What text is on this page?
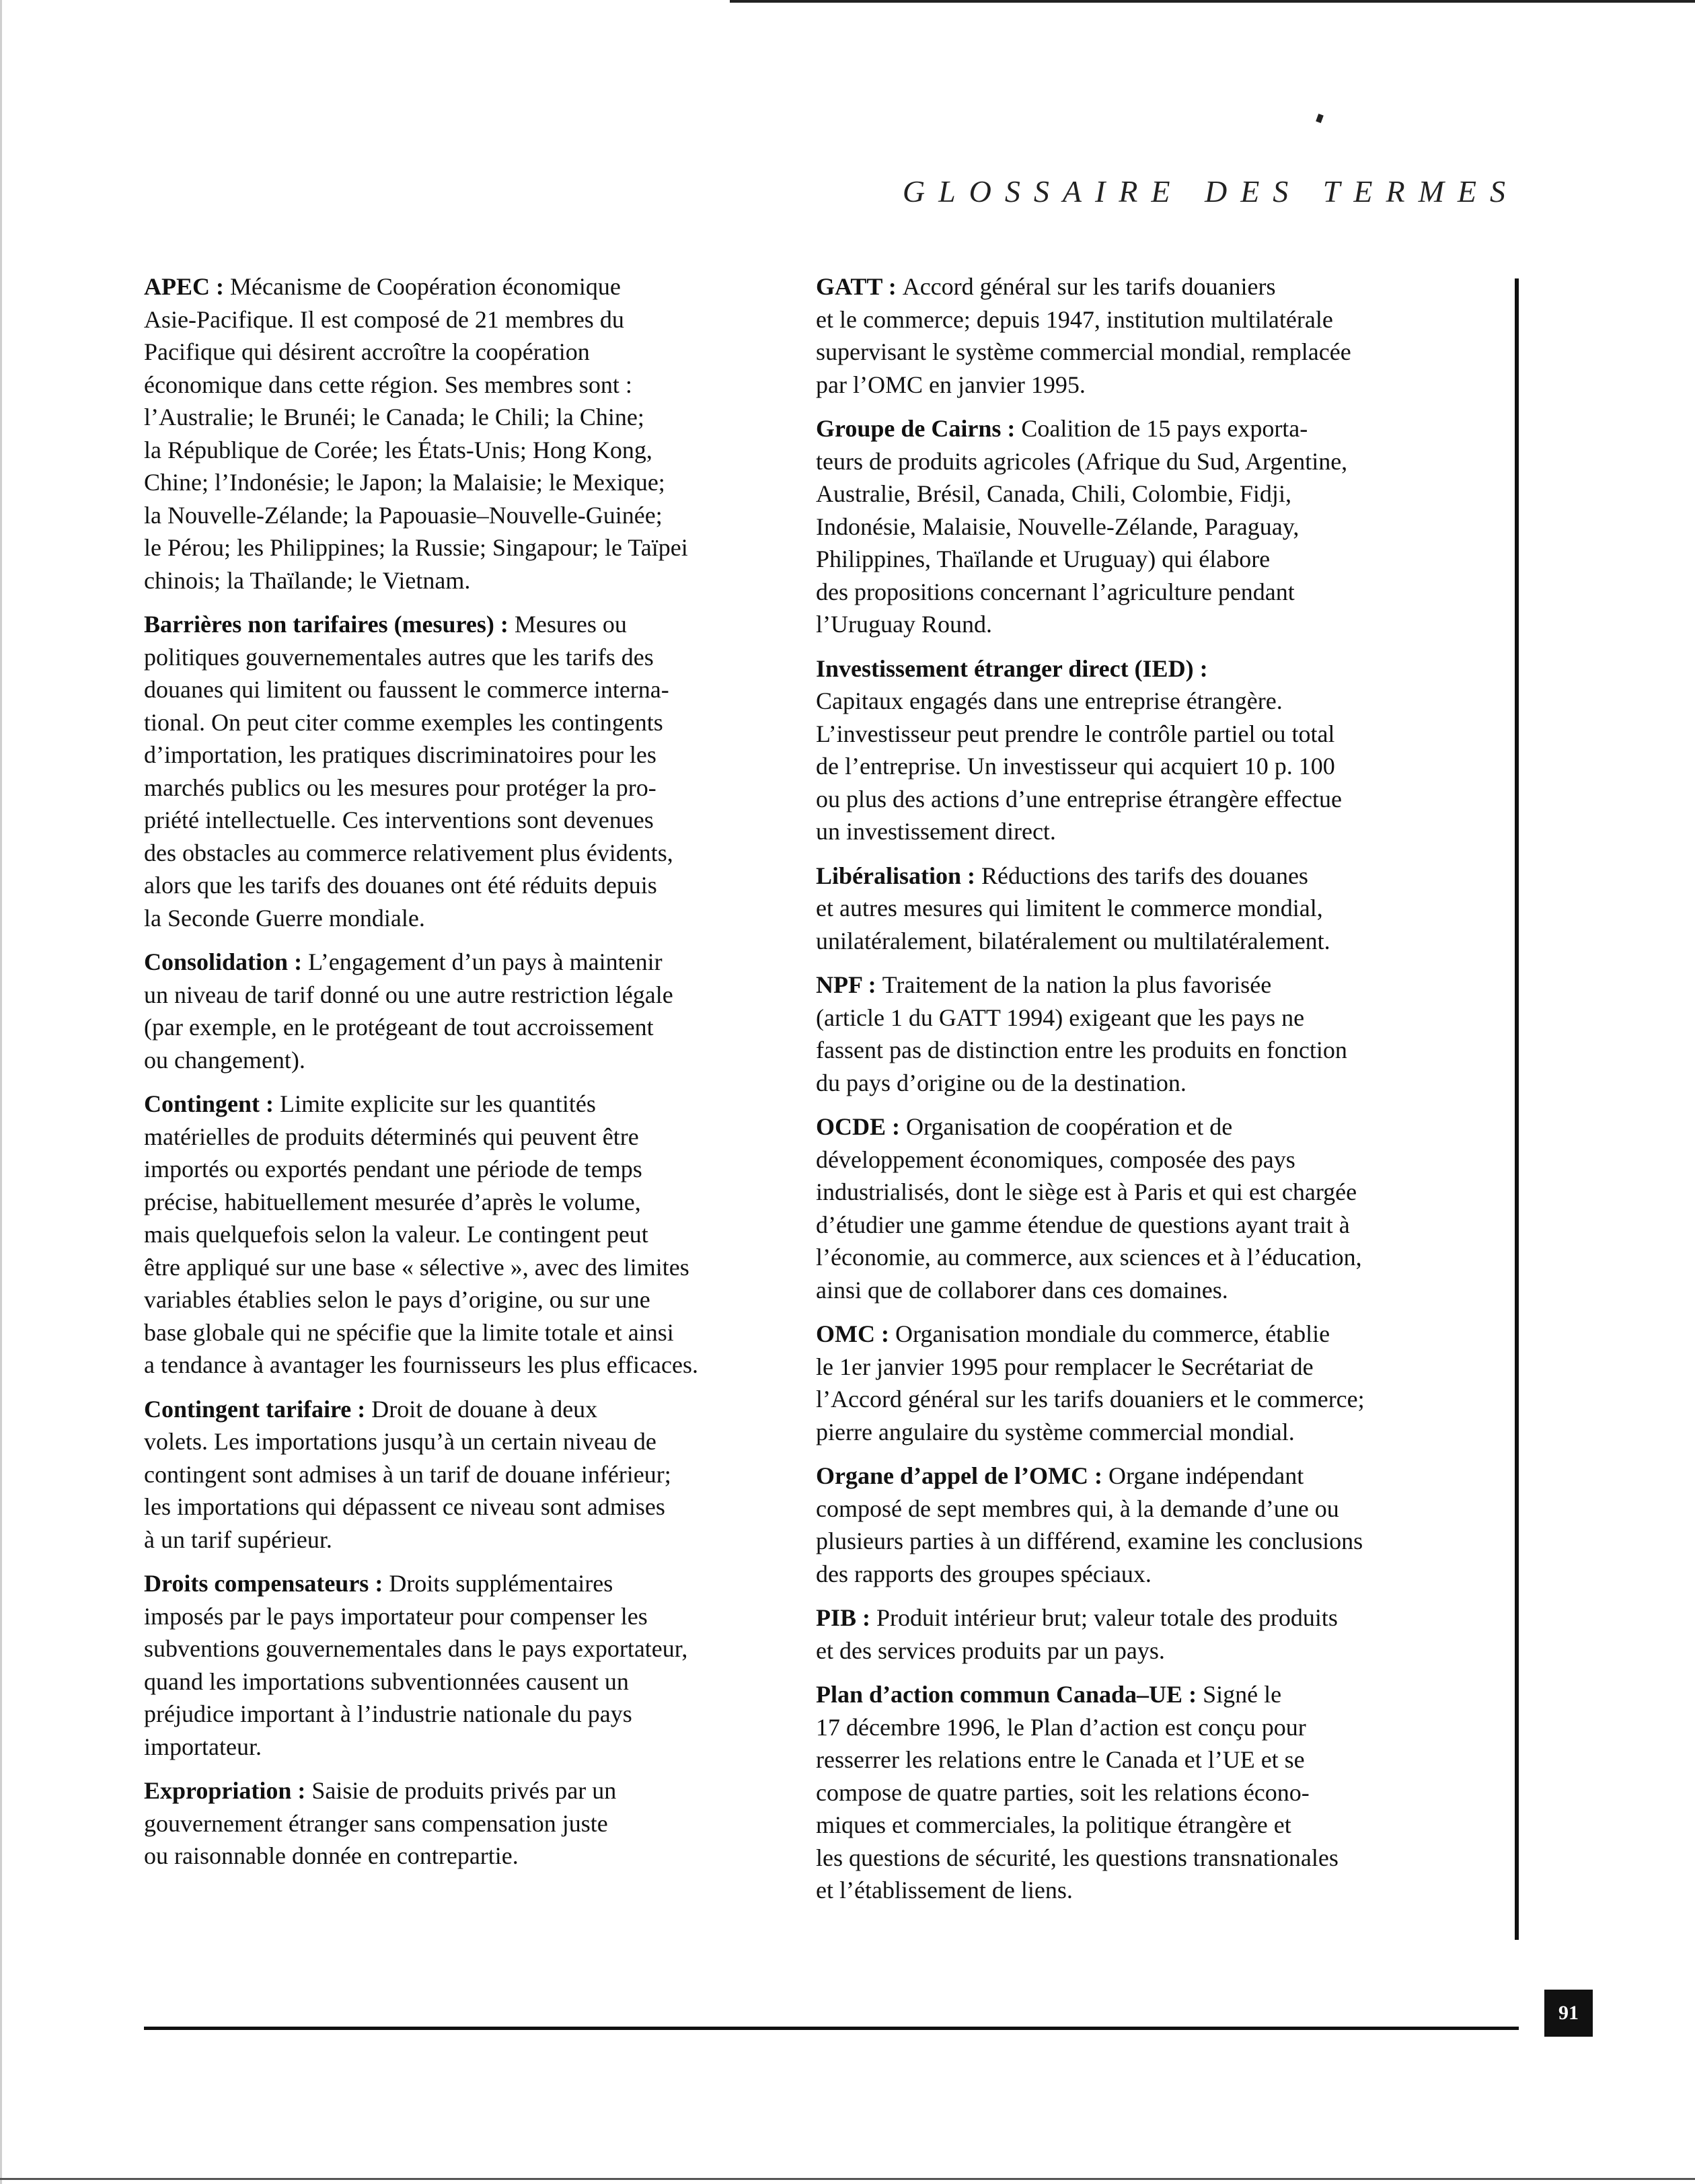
GLOSSAIRE DES TERMES

APEC : Mécanisme de Coopération économique
Asie-Pacifique. Il est composé de 21 membres du
Pacifique qui désirent accroître la coopération
économique dans cette région. Ses membres sont :
l’Australie; le Brunéi; le Canada; le Chili; la Chine;
la République de Corée; les États-Unis; Hong Kong,
Chine; l’Indonésie; le Japon; la Malaisie; le Mexique;
la Nouvelle-Zélande; la Papouasie–Nouvelle-Guinée;
le Pérou; les Philippines; la Russie; Singapour; le Taïpei
chinois; la Thaïlande; le Vietnam.

Barrières non tarifaires (mesures) : Mesures ou
politiques gouvernementales autres que les tarifs des
douanes qui limitent ou faussent le commerce interna-
tional. On peut citer comme exemples les contingents
d’importation, les pratiques discriminatoires pour les
marchés publics ou les mesures pour protéger la pro-
priété intellectuelle. Ces interventions sont devenues
des obstacles au commerce relativement plus évidents,
alors que les tarifs des douanes ont été réduits depuis
la Seconde Guerre mondiale.

Consolidation : L’engagement d’un pays à maintenir
un niveau de tarif donné ou une autre restriction légale
(par exemple, en le protégeant de tout accroissement
ou changement).

Contingent : Limite explicite sur les quantités
matérielles de produits déterminés qui peuvent être
importés ou exportés pendant une période de temps
précise, habituellement mesurée d’après le volume,
mais quelquefois selon la valeur. Le contingent peut
être appliqué sur une base « sélective », avec des limites
variables établies selon le pays d’origine, ou sur une
base globale qui ne spécifie que la limite totale et ainsi
a tendance à avantager les fournisseurs les plus efficaces.

Contingent tarifaire : Droit de douane à deux
volets. Les importations jusqu’à un certain niveau de
contingent sont admises à un tarif de douane inférieur;
les importations qui dépassent ce niveau sont admises
à un tarif supérieur.

Droits compensateurs : Droits supplémentaires
imposés par le pays importateur pour compenser les
subventions gouvernementales dans le pays exportateur,
quand les importations subventionnées causent un
préjudice important à l’industrie nationale du pays
importateur.

Expropriation : Saisie de produits privés par un
gouvernement étranger sans compensation juste
ou raisonnable donnée en contrepartie.

GATT : Accord général sur les tarifs douaniers
et le commerce; depuis 1947, institution multilatérale
supervisant le système commercial mondial, remplacée
par l’OMC en janvier 1995.

Groupe de Cairns : Coalition de 15 pays exporta-
teurs de produits agricoles (Afrique du Sud, Argentine,
Australie, Brésil, Canada, Chili, Colombie, Fidji,
Indonésie, Malaisie, Nouvelle-Zélande, Paraguay,
Philippines, Thaïlande et Uruguay) qui élabore
des propositions concernant l’agriculture pendant
l’Uruguay Round.

Investissement étranger direct (IED) :
Capitaux engagés dans une entreprise étrangère.
L’investisseur peut prendre le contrôle partiel ou total
de l’entreprise. Un investisseur qui acquiert 10 p. 100
ou plus des actions d’une entreprise étrangère effectue
un investissement direct.

Libéralisation : Réductions des tarifs des douanes
et autres mesures qui limitent le commerce mondial,
unilatéralement, bilatéralement ou multilatéralement.

NPF : Traitement de la nation la plus favorisée
(article 1 du GATT 1994) exigeant que les pays ne
fassent pas de distinction entre les produits en fonction
du pays d’origine ou de la destination.

OCDE : Organisation de coopération et de
développement économiques, composée des pays
industrialisés, dont le siège est à Paris et qui est chargée
d’étudier une gamme étendue de questions ayant trait à
l’économie, au commerce, aux sciences et à l’éducation,
ainsi que de collaborer dans ces domaines.

OMC : Organisation mondiale du commerce, établie
le 1er janvier 1995 pour remplacer le Secrétariat de
l’Accord général sur les tarifs douaniers et le commerce;
pierre angulaire du système commercial mondial.

Organe d’appel de l’OMC : Organe indépendant
composé de sept membres qui, à la demande d’une ou
plusieurs parties à un différend, examine les conclusions
des rapports des groupes spéciaux.

PIB : Produit intérieur brut; valeur totale des produits
et des services produits par un pays.

Plan d’action commun Canada–UE : Signé le
17 décembre 1996, le Plan d’action est conçu pour
resserrer les relations entre le Canada et l’UE et se
compose de quatre parties, soit les relations écono-
miques et commerciales, la politique étrangère et
les questions de sécurité, les questions transnationales
et l’établissement de liens.

91
